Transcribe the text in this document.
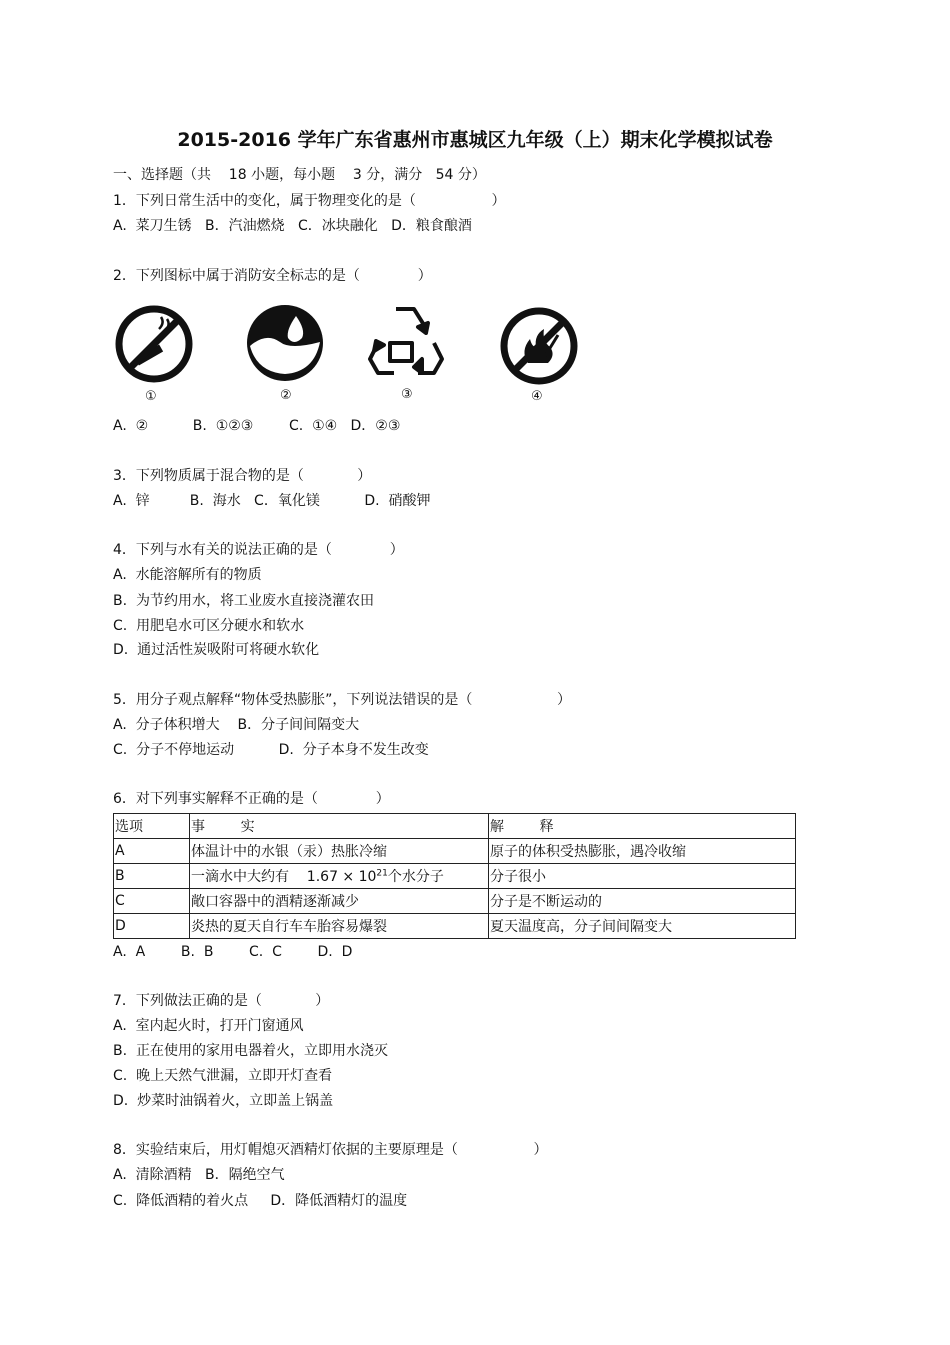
2015-2016 学年广东省惠州市惠城区九年级（上）期末化学模拟试卷
一、选择题（共    18 小题，每小题    3 分，满分   54 分）
1．下列日常生活中的变化，属于物理变化的是（                 ）
A.  菜刀生锈   B．汽油燃烧   C．冰块融化   D．粮食酿酒
2．下列图标中属于消防安全标志的是（             ）
①	②	③	④
A.  ②          B.  ①②③        C.  ①④   D．②③
3．下列物质属于混合物的是（            ）
A.  锌         B.  海水   C．氧化镁          D.  硝酸钾
4．下列与水有关的说法正确的是（             ）
A.  水能溶解所有的物质
B.  为节约用水，将工业废水直接浇灌农田
C.  用肥皂水可区分硬水和软水
D.  通过活性炭吸附可将硬水软化
5．用分子观点解释“物体受热膨胀”，下列说法错误的是（                   ）
A.  分子体积增大    B．分子间间隔变大
C.  分子不停地运动          D.  分子本身不发生改变
6．对下列事实解释不正确的是（             ）
选项	事        实	解        释
A	体温计中的水银（汞）热胀冷缩	原子的体积受热膨胀，遇冷收缩
B	一滴水中大约有    $1.67 \times 10^{21}$个水分子	分子很小
C	敞口容器中的酒精逐渐减少	分子是不断运动的
D	炎热的夏天自行车车胎容易爆裂	夏天温度高，分子间间隔变大
A.  A        B.  B        C.  C        D.  D
7．下列做法正确的是（            ）
A.  室内起火时，打开门窗通风
B.  正在使用的家用电器着火，立即用水浇灭
C.  晚上天然气泄漏，立即开灯查看
D.  炒菜时油锅着火，立即盖上锅盖
8．实验结束后，用灯帽熄灭酒精灯依据的主要原理是（                 ）
A.  清除酒精   B．隔绝空气
C.  降低酒精的着火点     D．降低酒精灯的温度
